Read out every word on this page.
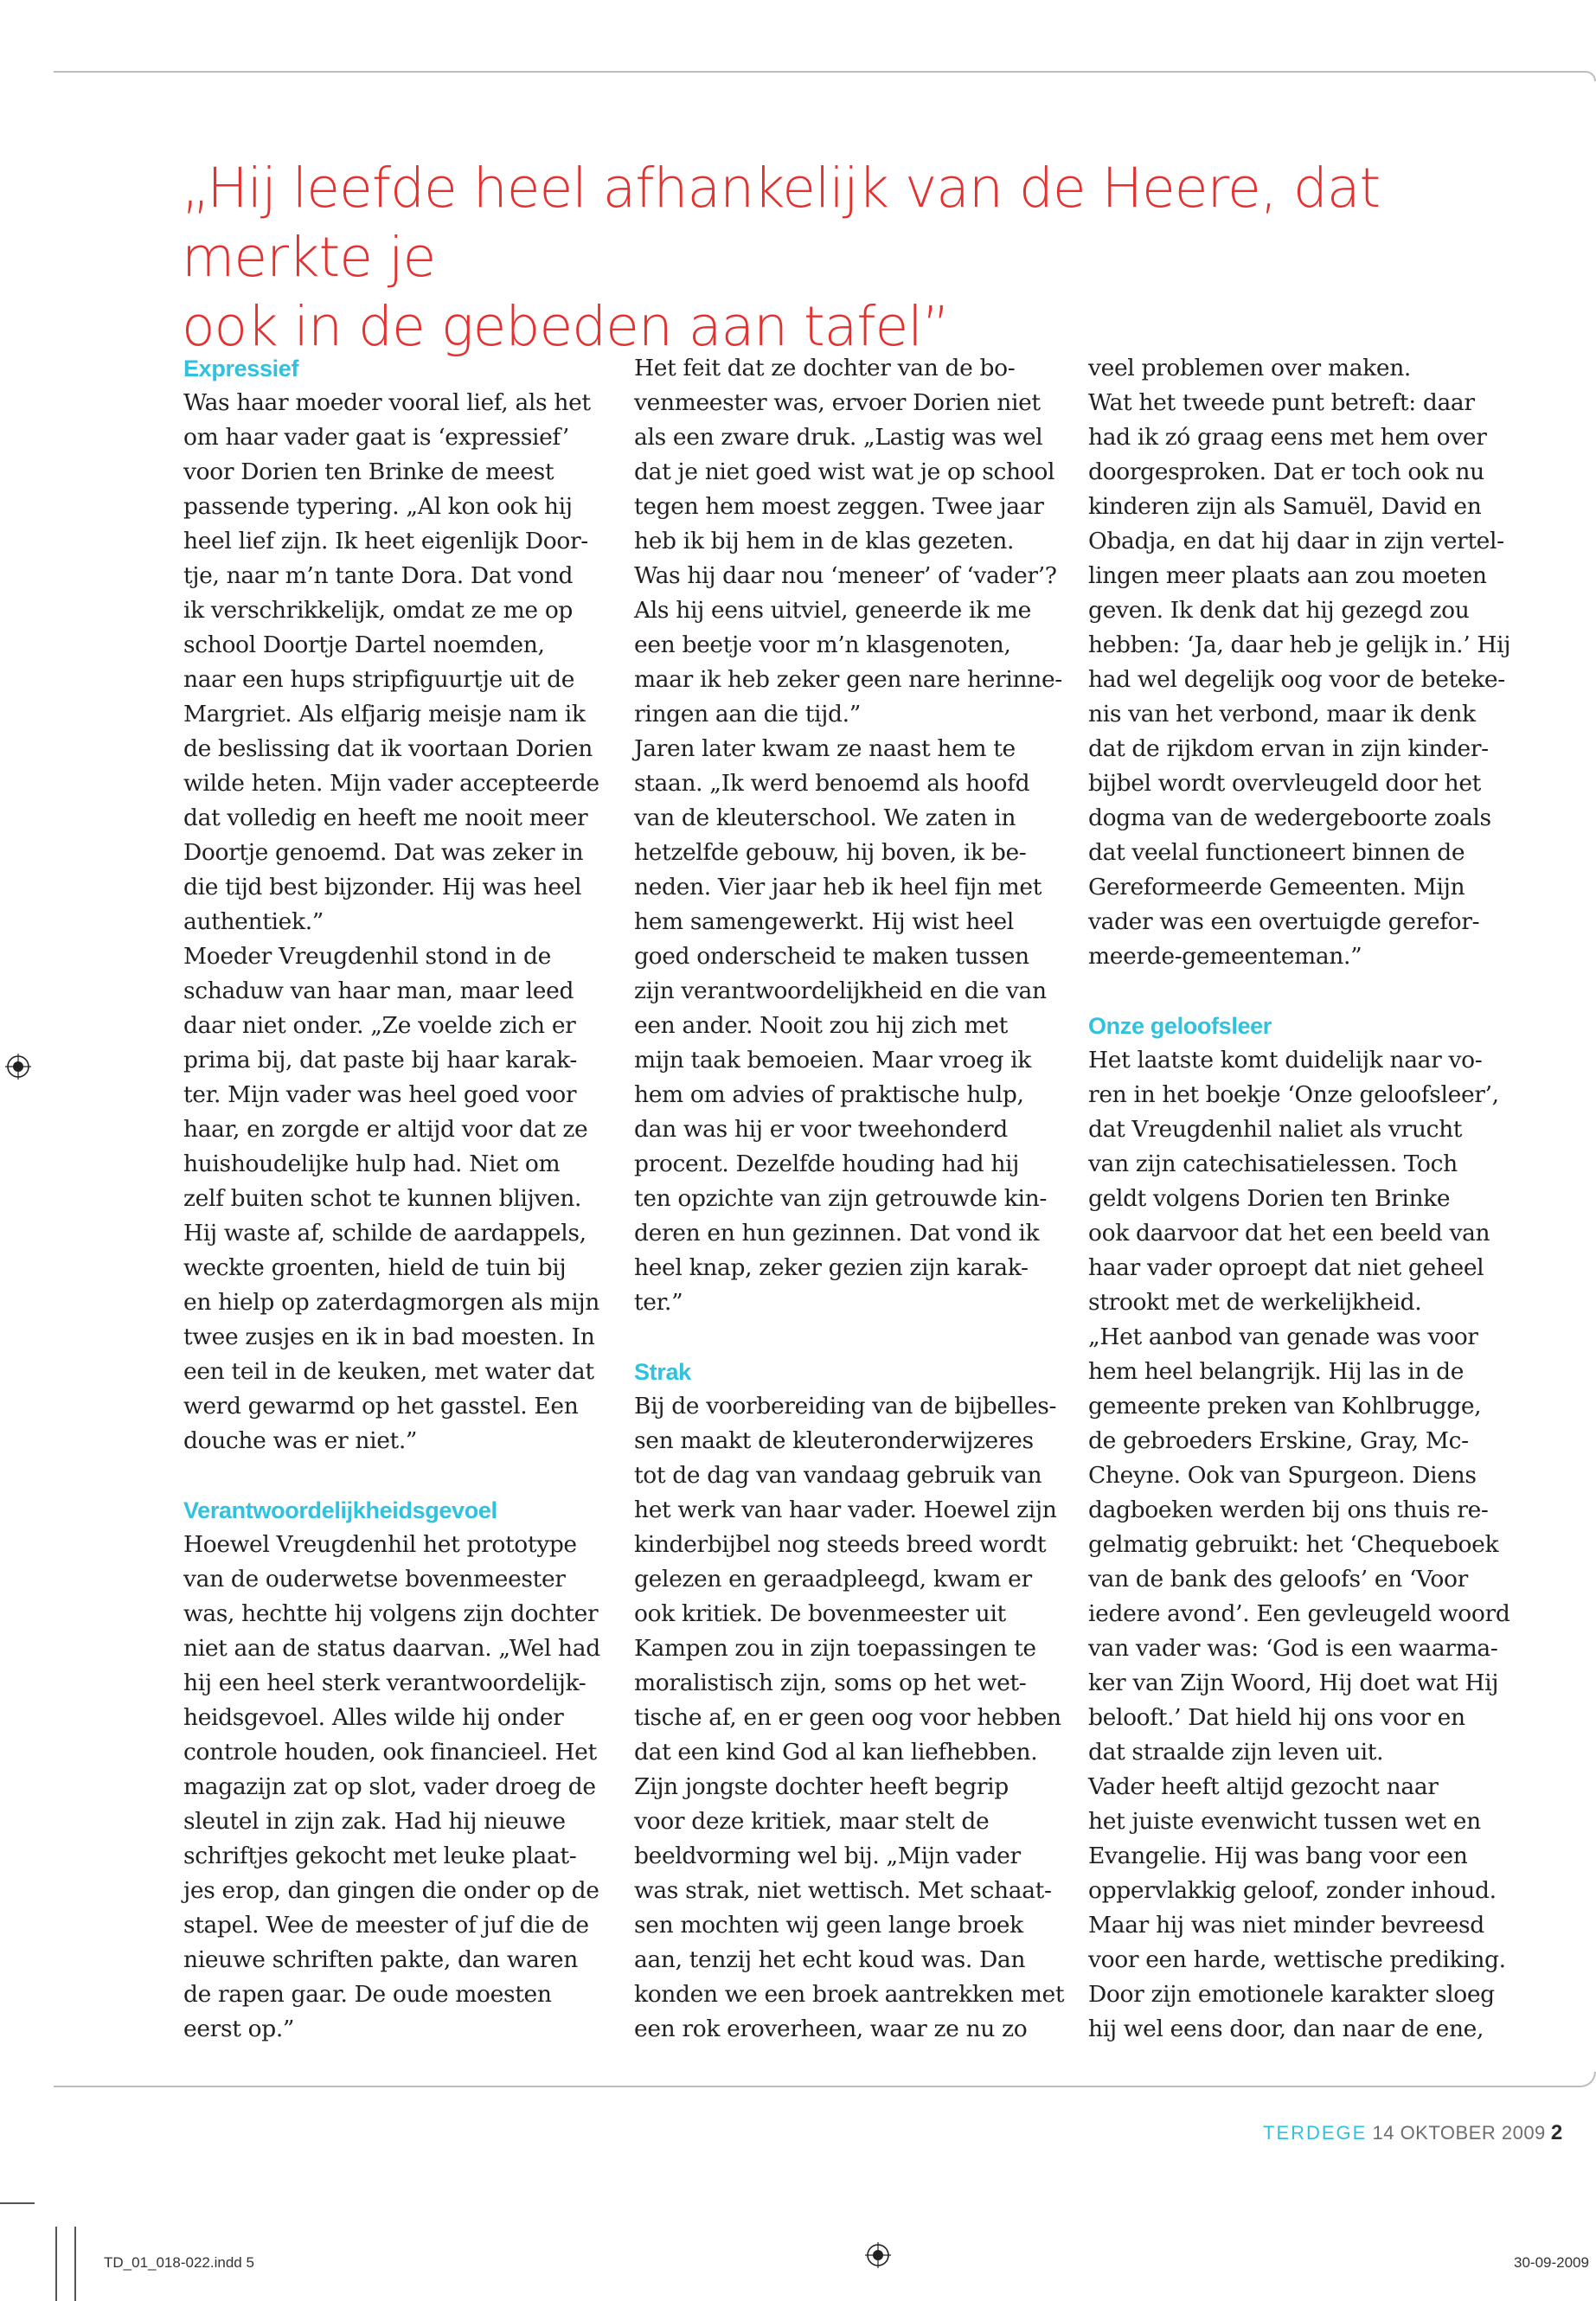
„Hij leefde heel afhankelijk van de Heere, dat merkte je
ook in de gebeden aan tafel”
Expressief

Was haar moeder vooral lief, als het

om haar vader gaat is ‘expressief’

voor Dorien ten Brinke de meest

passende typering. „Al kon ook hij

heel lief zijn. Ik heet eigenlijk Door-

tje, naar m’n tante Dora. Dat vond

ik verschrikkelijk, omdat ze me op

school Doortje Dartel noemden,

naar een hups stripfiguurtje uit de

Margriet. Als elfjarig meisje nam ik

de beslissing dat ik voortaan Dorien

wilde heten. Mijn vader accepteerde

dat volledig en heeft me nooit meer

Doortje genoemd. Dat was zeker in

die tijd best bijzonder. Hij was heel

authentiek.”

Moeder Vreugdenhil stond in de

schaduw van haar man, maar leed

daar niet onder. „Ze voelde zich er

prima bij, dat paste bij haar karak-

ter. Mijn vader was heel goed voor

haar, en zorgde er altijd voor dat ze

huishoudelijke hulp had. Niet om

zelf buiten schot te kunnen blijven.

Hij waste af, schilde de aardappels,

weckte groenten, hield de tuin bij

en hielp op zaterdagmorgen als mijn

twee zusjes en ik in bad moesten. In

een teil in de keuken, met water dat

werd gewarmd op het gasstel. Een

douche was er niet.”

Verantwoordelijkheidsgevoel

Hoewel Vreugdenhil het prototype

van de ouderwetse bovenmeester

was, hechtte hij volgens zijn dochter

niet aan de status daarvan. „Wel had

hij een heel sterk verantwoordelijk-

heidsgevoel. Alles wilde hij onder

controle houden, ook financieel. Het

magazijn zat op slot, vader droeg de

sleutel in zijn zak. Had hij nieuwe

schriftjes gekocht met leuke plaat-

jes erop, dan gingen die onder op de

stapel. Wee de meester of juf die de

nieuwe schriften pakte, dan waren

de rapen gaar. De oude moesten

eerst op.”

Het feit dat ze dochter van de bo-

venmeester was, ervoer Dorien niet

als een zware druk. „Lastig was wel

dat je niet goed wist wat je op school

tegen hem moest zeggen. Twee jaar

heb ik bij hem in de klas gezeten.

Was hij daar nou ‘meneer’ of ‘vader’?

Als hij eens uitviel, geneerde ik me

een beetje voor m’n klasgenoten,

maar ik heb zeker geen nare herinne-

ringen aan die tijd.”

Jaren later kwam ze naast hem te

staan. „Ik werd benoemd als hoofd

van de kleuterschool. We zaten in

hetzelfde gebouw, hij boven, ik be-

neden. Vier jaar heb ik heel fijn met

hem samengewerkt. Hij wist heel

goed onderscheid te maken tussen

zijn verantwoordelijkheid en die van

een ander. Nooit zou hij zich met

mijn taak bemoeien. Maar vroeg ik

hem om advies of praktische hulp,

dan was hij er voor tweehonderd

procent. Dezelfde houding had hij

ten opzichte van zijn getrouwde kin-

deren en hun gezinnen. Dat vond ik

heel knap, zeker gezien zijn karak-

ter.”

Strak

Bij de voorbereiding van de bijbelles-

sen maakt de kleuteronderwijzeres

tot de dag van vandaag gebruik van

het werk van haar vader. Hoewel zijn

kinderbijbel nog steeds breed wordt

gelezen en geraadpleegd, kwam er

ook kritiek. De bovenmeester uit

Kampen zou in zijn toepassingen te

moralistisch zijn, soms op het wet-

tische af, en er geen oog voor hebben

dat een kind God al kan liefhebben.

Zijn jongste dochter heeft begrip

voor deze kritiek, maar stelt de

beeldvorming wel bij. „Mijn vader

was strak, niet wettisch. Met schaat-

sen mochten wij geen lange broek

aan, tenzij het echt koud was. Dan

konden we een broek aantrekken met

een rok eroverheen, waar ze nu zo

veel problemen over maken.

Wat het tweede punt betreft: daar

had ik zó graag eens met hem over

doorgesproken. Dat er toch ook nu

kinderen zijn als Samuël, David en

Obadja, en dat hij daar in zijn vertel-

lingen meer plaats aan zou moeten

geven. Ik denk dat hij gezegd zou

hebben: ‘Ja, daar heb je gelijk in.’ Hij

had wel degelijk oog voor de beteke-

nis van het verbond, maar ik denk

dat de rijkdom ervan in zijn kinder-

bijbel wordt overvleugeld door het

dogma van de wedergeboorte zoals

dat veelal functioneert binnen de

Gereformeerde Gemeenten. Mijn

vader was een overtuigde gerefor-

meerde-gemeenteman.”

Onze geloofsleer

Het laatste komt duidelijk naar vo-

ren in het boekje ‘Onze geloofsleer’,

dat Vreugdenhil naliet als vrucht

van zijn catechisatielessen. Toch

geldt volgens Dorien ten Brinke

ook daarvoor dat het een beeld van

haar vader oproept dat niet geheel

strookt met de werkelijkheid.

„Het aanbod van genade was voor

hem heel belangrijk. Hij las in de

gemeente preken van Kohlbrugge,

de gebroeders Erskine, Gray, Mc-

Cheyne. Ook van Spurgeon. Diens

dagboeken werden bij ons thuis re-

gelmatig gebruikt: het ‘Chequeboek

van de bank des geloofs’ en ‘Voor

iedere avond’. Een gevleugeld woord

van vader was: ‘God is een waarma-

ker van Zijn Woord, Hij doet wat Hij

belooft.’ Dat hield hij ons voor en

dat straalde zijn leven uit.

Vader heeft altijd gezocht naar

het juiste evenwicht tussen wet en

Evangelie. Hij was bang voor een

oppervlakkig geloof, zonder inhoud.

Maar hij was niet minder bevreesd

voor een harde, wettische prediking.

Door zijn emotionele karakter sloeg

hij wel eens door, dan naar de ene,

TERDEGE 14 OKTOBER 2009 2
TD_01_018-022.indd 5	30-09-2009
